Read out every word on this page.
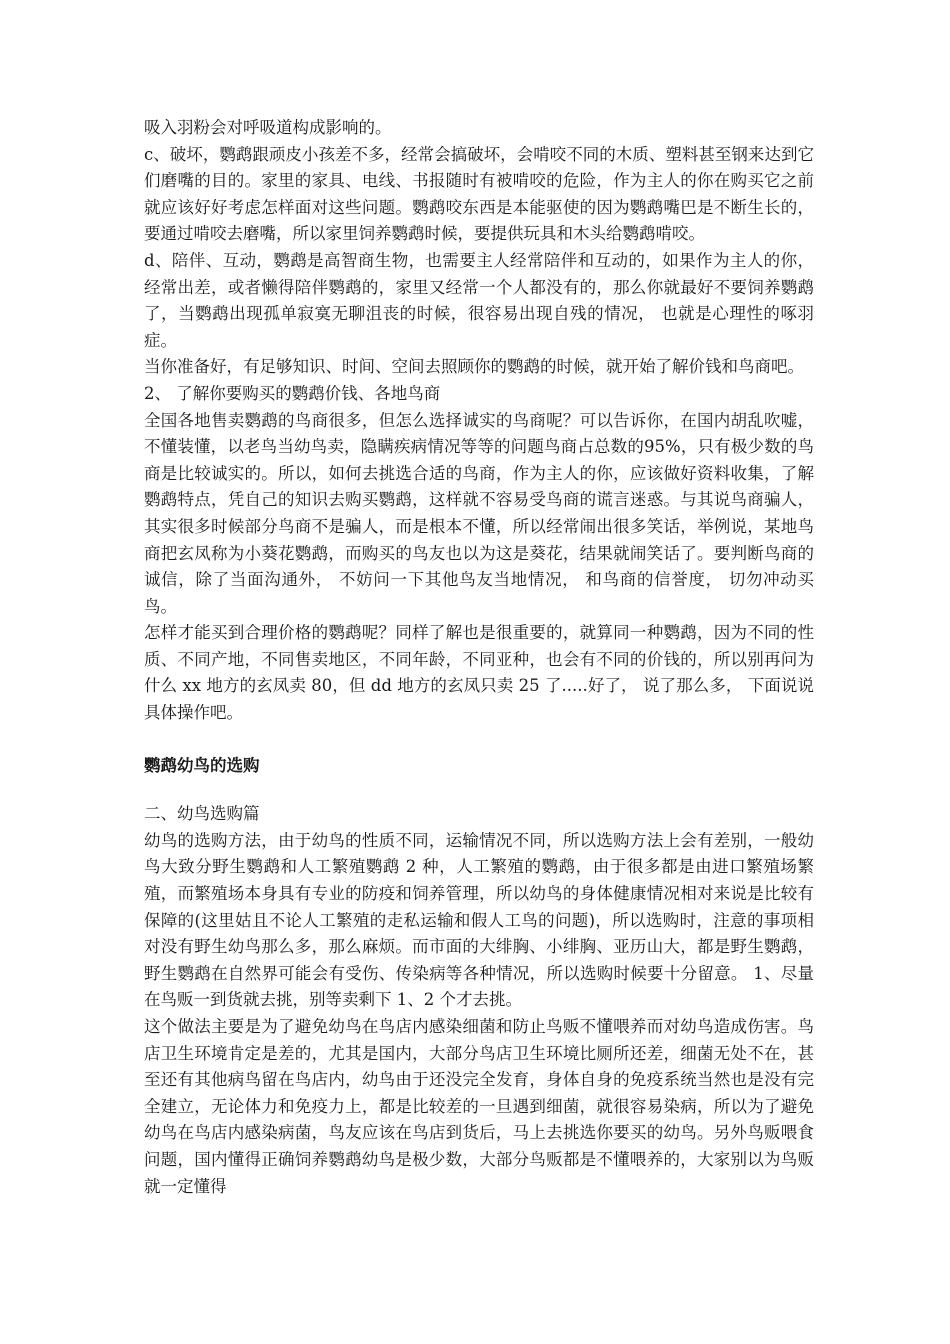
吸入羽粉会对呼吸道构成影响的。

c、破坏，鹦鹉跟顽皮小孩差不多，经常会搞破坏，会啃咬不同的木质、塑料甚至钢来达到它们磨嘴的目的。家里的家具、电线、书报随时有被啃咬的危险，作为主人的你在购买它之前就应该好好考虑怎样面对这些问题。鹦鹉咬东西是本能驱使的因为鹦鹉嘴巴是不断生长的，要通过啃咬去磨嘴，所以家里饲养鹦鹉时候，要提供玩具和木头给鹦鹉啃咬。

d、陪伴、互动，鹦鹉是高智商生物，也需要主人经常陪伴和互动的，如果作为主人的你，经常出差，或者懒得陪伴鹦鹉的，家里又经常一个人都没有的，那么你就最好不要饲养鹦鹉了，当鹦鹉出现孤单寂寞无聊沮丧的时候，很容易出现自残的情况， 也就是心理性的啄羽症。

当你准备好，有足够知识、时间、空间去照顾你的鹦鹉的时候，就开始了解价钱和鸟商吧。

2、 了解你要购买的鹦鹉价钱、各地鸟商

全国各地售卖鹦鹉的鸟商很多，但怎么选择诚实的鸟商呢？可以告诉你，在国内胡乱吹嘘，不懂装懂，以老鸟当幼鸟卖，隐瞒疾病情况等等的问题鸟商占总数的95%，只有极少数的鸟商是比较诚实的。所以，如何去挑选合适的鸟商，作为主人的你，应该做好资料收集，了解鹦鹉特点，凭自己的知识去购买鹦鹉，这样就不容易受鸟商的谎言迷惑。与其说鸟商骗人，其实很多时候部分鸟商不是骗人，而是根本不懂，所以经常闹出很多笑话，举例说，某地鸟商把玄凤称为小葵花鹦鹉，而购买的鸟友也以为这是葵花，结果就闹笑话了。要判断鸟商的诚信，除了当面沟通外， 不妨问一下其他鸟友当地情况， 和鸟商的信誉度， 切勿冲动买鸟。

怎样才能买到合理价格的鹦鹉呢？同样了解也是很重要的，就算同一种鹦鹉，因为不同的性质、不同产地，不同售卖地区，不同年龄，不同亚种，也会有不同的价钱的，所以别再问为什么 xx 地方的玄凤卖 80，但 dd 地方的玄凤只卖 25 了.....好了， 说了那么多， 下面说说具体操作吧。

鹦鹉幼鸟的选购

二、幼鸟选购篇

幼鸟的选购方法，由于幼鸟的性质不同，运输情况不同，所以选购方法上会有差别，一般幼鸟大致分野生鹦鹉和人工繁殖鹦鹉 2 种，人工繁殖的鹦鹉，由于很多都是由进口繁殖场繁殖，而繁殖场本身具有专业的防疫和饲养管理，所以幼鸟的身体健康情况相对来说是比较有保障的(这里姑且不论人工繁殖的走私运输和假人工鸟的问题)，所以选购时，注意的事项相对没有野生幼鸟那么多，那么麻烦。而市面的大绯胸、小绯胸、亚历山大，都是野生鹦鹉，野生鹦鹉在自然界可能会有受伤、传染病等各种情况，所以选购时候要十分留意。 1、尽量在鸟贩一到货就去挑，别等卖剩下 1、2 个才去挑。

这个做法主要是为了避免幼鸟在鸟店内感染细菌和防止鸟贩不懂喂养而对幼鸟造成伤害。鸟店卫生环境肯定是差的，尤其是国内，大部分鸟店卫生环境比厕所还差，细菌无处不在，甚至还有其他病鸟留在鸟店内，幼鸟由于还没完全发育，身体自身的免疫系统当然也是没有完全建立，无论体力和免疫力上，都是比较差的一旦遇到细菌，就很容易染病，所以为了避免幼鸟在鸟店内感染病菌，鸟友应该在鸟店到货后，马上去挑选你要买的幼鸟。另外鸟贩喂食问题，国内懂得正确饲养鹦鹉幼鸟是极少数，大部分鸟贩都是不懂喂养的，大家别以为鸟贩就一定懂得
